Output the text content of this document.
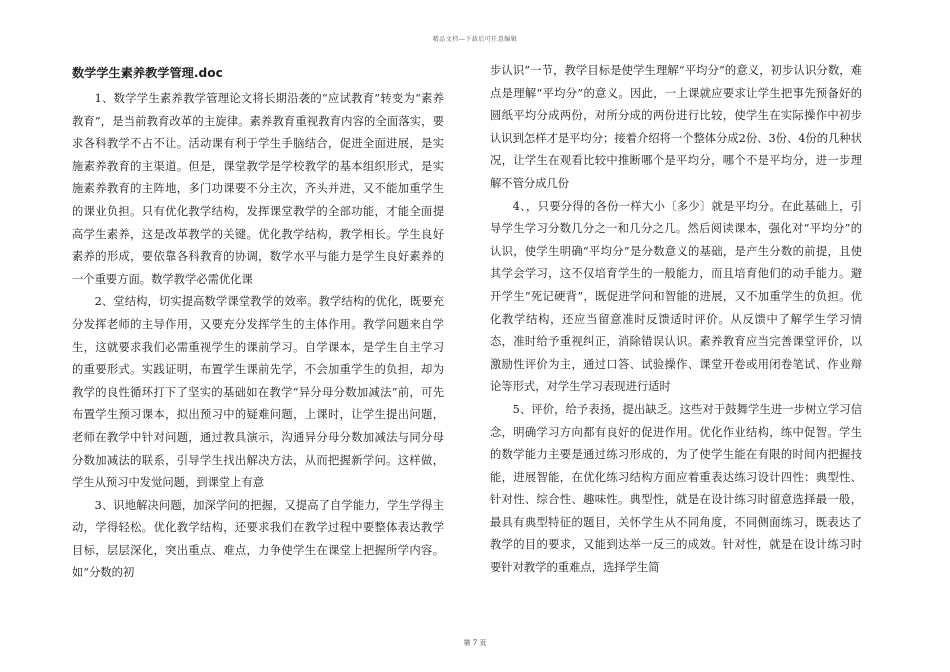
精品文档—下载后可任意编辑
数学学生素养教学管理.doc

1、数学学生素养教学管理论文将长期沿袭的“应试教育”转变为“素养教育”，是当前教育改革的主旋律。素养教育重视教育内容的全面落实，要求各科教学不占不让。活动课有利于学生手脑结合，促进全面进展，是实施素养教育的主渠道。但是，课堂教学是学校教学的基本组织形式，是实施素养教育的主阵地，多门功课要不分主次，齐头并进，又不能加重学生的课业负担。只有优化教学结构，发挥课堂教学的全部功能，才能全面提高学生素养，这是改革教学的关键。优化教学结构，教学相长。学生良好素养的形成，要依靠各科教育的协调，数学水平与能力是学生良好素养的一个重要方面。数学教学必需优化课

2、堂结构，切实提高数学课堂教学的效率。教学结构的优化，既要充分发挥老师的主导作用，又要充分发挥学生的主体作用。教学问题来自学生，这就要求我们必需重视学生的课前学习。自学课本，是学生自主学习的重要形式。实践证明，布置学生课前先学，不会加重学生的负担，却为教学的良性循环打下了坚实的基础如在教学“异分母分数加减法”前，可先布置学生预习课本，拟出预习中的疑难问题，上课时，让学生提出问题，老师在教学中针对问题，通过教具演示，沟通异分母分数加减法与同分母分数加减法的联系，引导学生找出解决方法，从而把握新学问。这样做，学生从预习中发觉问题，到课堂上有意

3、识地解决问题，加深学问的把握，又提高了自学能力，学生学得主动，学得轻松。优化教学结构，还要求我们在教学过程中要整体表达教学目标，层层深化，突出重点、难点，力争使学生在课堂上把握所学内容。如“分数的初

步认识”一节，教学目标是使学生理解“平均分”的意义，初步认识分数，难点是理解“平均分”的意义。因此，一上课就应要求让学生把事先预备好的圆纸平均分成两份，对所分成的两份进行比较，使学生在实际操作中初步认识到怎样才是平均分；接着介绍将一个整体分成2份、3份、4份的几种状况，让学生在观看比较中推断哪个是平均分，哪个不是平均分，进一步理解不管分成几份

4、，只要分得的各份一样大小〔多少〕就是平均分。在此基础上，引导学生学习分数几分之一和几分之几。然后阅读课本，强化对“平均分”的认识，使学生明确“平均分”是分数意义的基础，是产生分数的前提，且使其学会学习，这不仅培育学生的一般能力，而且培育他们的动手能力。避开学生“死记硬背”，既促进学问和智能的进展，又不加重学生的负担。优化教学结构，还应当留意准时反馈适时评价。从反馈中了解学生学习情态，准时给予重视纠正，消除错误认识。素养教育应当完善课堂评价，以激励性评价为主，通过口答、试验操作、课堂开卷或用闭卷笔试、作业辩论等形式，对学生学习表现进行适时

5、评价，给予表扬，提出缺乏。这些对于鼓舞学生进一步树立学习信念，明确学习方向都有良好的促进作用。优化作业结构，练中促智。学生的数学能力主要是通过练习形成的，为了使学生能在有限的时间内把握技能，进展智能，在优化练习结构方面应着重表达练习设计四性：典型性、针对性、综合性、趣味性。典型性，就是在设计练习时留意选择最一般，最具有典型特征的题目，关怀学生从不同角度，不同侧面练习，既表达了教学的目的要求，又能到达举一反三的成效。针对性，就是在设计练习时要针对教学的重难点，选择学生简

第 7 页
